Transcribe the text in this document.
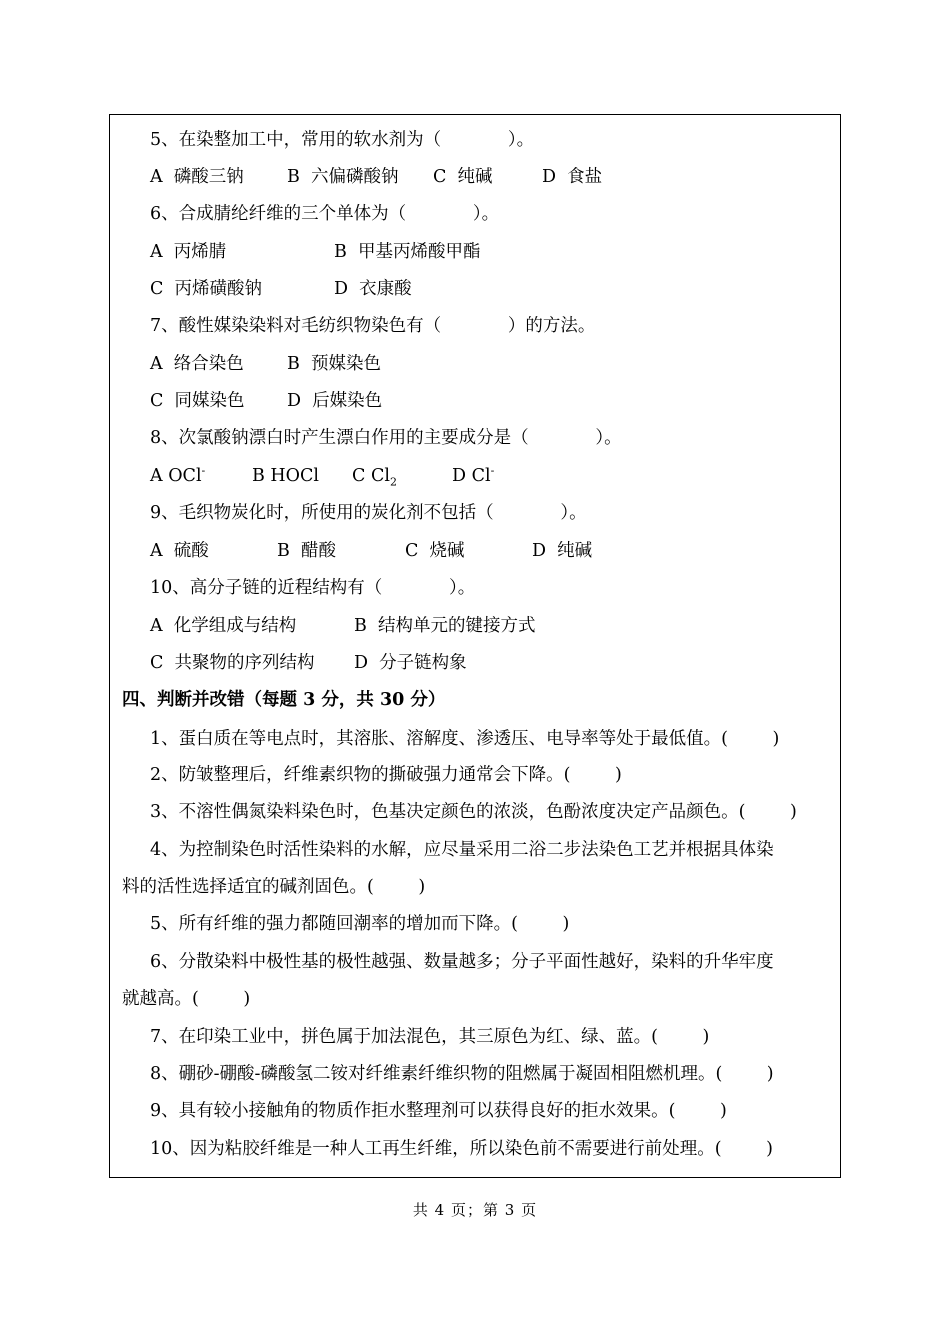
5、在染整加工中，常用的软水剂为（            ）。
A  磷酸三钠 B  六偏磷酸钠 C  纯碱	D  食盐
6、合成腈纶纤维的三个单体为（            ）。
A  丙烯腈	B  甲基丙烯酸甲酯
C  丙烯磺酸钠	D  衣康酸
7、酸性媒染染料对毛纺织物染色有（            ）的方法。
A  络合染色 B  预媒染色
C  同媒染色 D  后媒染色
8、次氯酸钠漂白时产生漂白作用的主要成分是（            ）。
A OCl-	B HOCl C $Cl_2$	D Cl-
9、毛织物炭化时，所使用的炭化剂不包括（            ）。
A  硫酸	B  醋酸	C  烧碱	D  纯碱
10、高分子链的近程结构有（            ）。
A  化学组成与结构	B  结构单元的键接方式
C  共聚物的序列结构 D  分子链构象
四、判断并改错（每题 3 分，共 30 分）
1、蛋白质在等电点时，其溶胀、溶解度、渗透压、电导率等处于最低值。(        )
2、防皱整理后，纤维素织物的撕破强力通常会下降。(        )
3、不溶性偶氮染料染色时，色基决定颜色的浓淡，色酚浓度决定产品颜色。(        )
4、为控制染色时活性染料的水解，应尽量采用二浴二步法染色工艺并根据具体染
料的活性选择适宜的碱剂固色。(        )
5、所有纤维的强力都随回潮率的增加而下降。(        )
6、分散染料中极性基的极性越强、数量越多；分子平面性越好，染料的升华牢度
就越高。(        )
7、在印染工业中，拼色属于加法混色，其三原色为红、绿、蓝。(        )
8、硼砂-硼酸-磷酸氢二铵对纤维素纤维织物的阻燃属于凝固相阻燃机理。(        )
9、具有较小接触角的物质作拒水整理剂可以获得良好的拒水效果。(        )
10、因为粘胶纤维是一种人工再生纤维，所以染色前不需要进行前处理。(        )
共 4 页；第 3 页
